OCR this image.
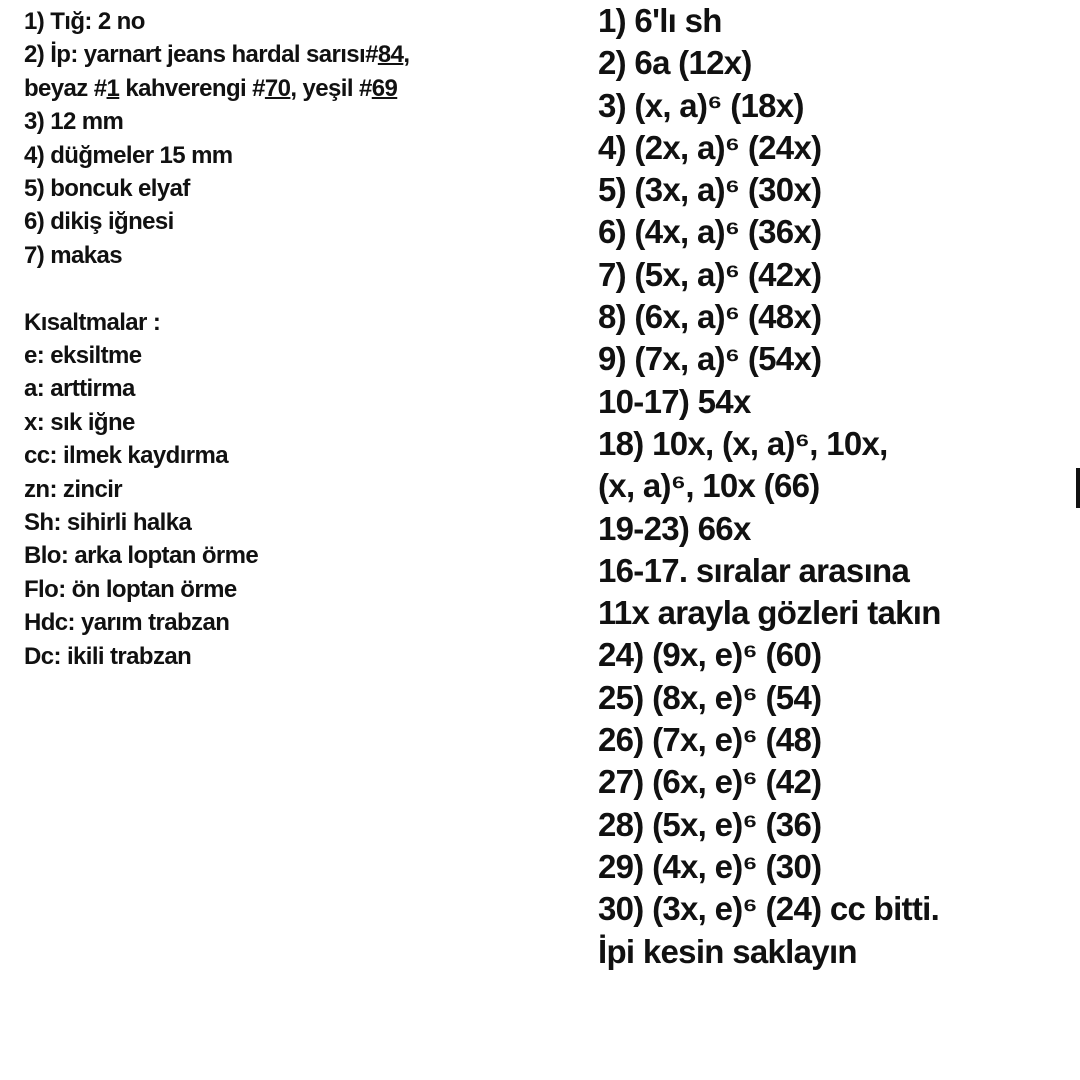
1) Tığ: 2 no
2) İp: yarnart jeans hardal sarısı#84,
beyaz #1 kahverengi #70, yeşil #69
3) 12 mm
4) düğmeler 15 mm
5) boncuk elyaf
6) dikiş iğnesi
7) makas
Kısaltmalar :
e: eksiltme
a: arttirma
x: sık iğne
cc: ilmek kaydırma
zn: zincir
Sh: sihirli halka
Blo: arka loptan örme
Flo: ön loptan örme
Hdc: yarım trabzan
Dc: ikili trabzan
1) 6'lı sh
2) 6a (12x)
3) (x, a)⁶ (18x)
4) (2x, a)⁶ (24x)
5) (3x, a)⁶ (30x)
6) (4x, a)⁶ (36x)
7) (5x, a)⁶ (42x)
8) (6x, a)⁶ (48x)
9) (7x, a)⁶ (54x)
10-17) 54x
18) 10x, (x, a)⁶, 10x,
(x, a)⁶, 10x (66)
19-23) 66x
16-17. sıralar arasına
11x arayla gözleri takın
24) (9x, e)⁶ (60)
25) (8x, e)⁶ (54)
26) (7x, e)⁶ (48)
27) (6x, e)⁶ (42)
28) (5x, e)⁶ (36)
29) (4x, e)⁶ (30)
30) (3x, e)⁶ (24) cc bitti.
İpi kesin saklayın
